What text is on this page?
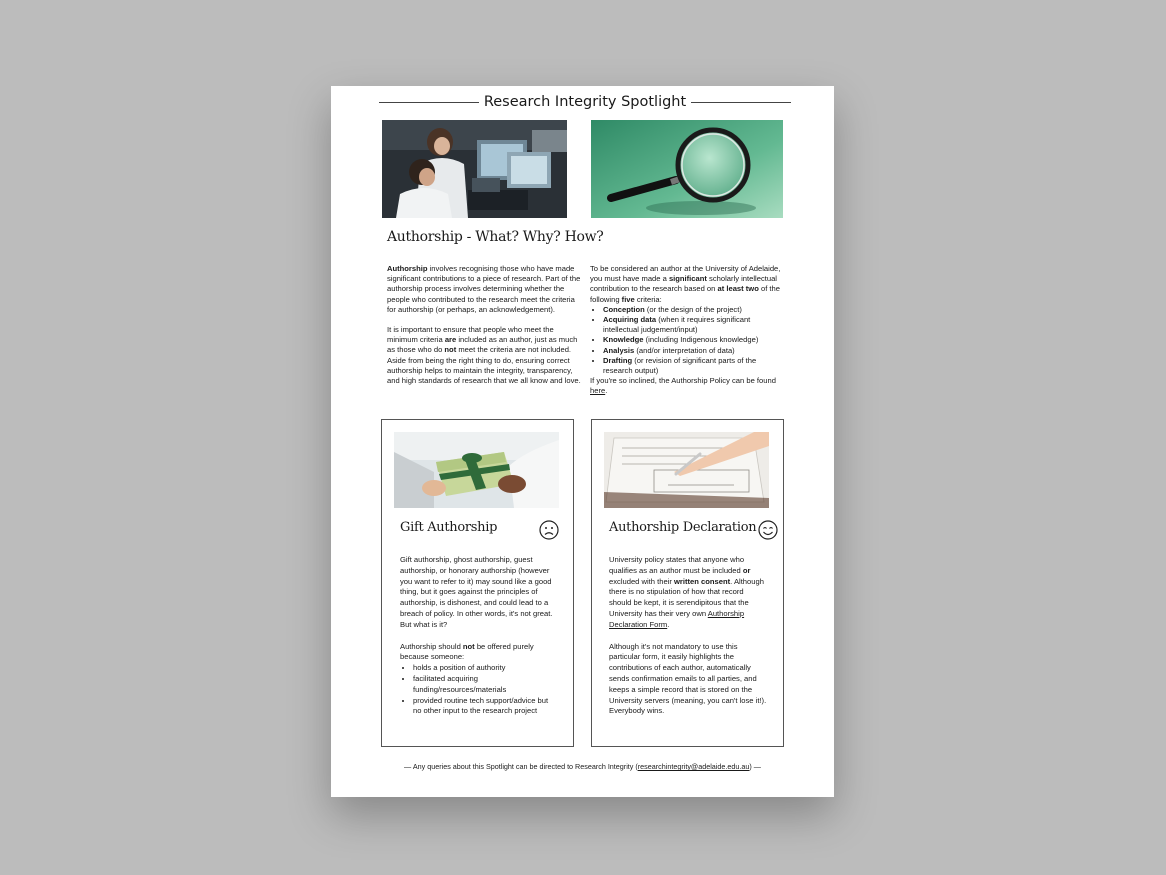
Research Integrity Spotlight
Authorship - What? Why? How?

Authorship involves recognising those who have made significant contributions to a piece of research. Part of the authorship process involves determining whether the people who contributed to the research meet the criteria for authorship (or perhaps, an acknowledgement).

It is important to ensure that people who meet the minimum criteria are included as an author, just as much as those who do not meet the criteria are not included. Aside from being the right thing to do, ensuring correct authorship helps to maintain the integrity, transparency, and high standards of research that we all know and love.

To be considered an author at the University of Adelaide, you must have made a significant scholarly intellectual contribution to the research based on at least two of the following five criteria:

• Conception (or the design of the project)
• Acquiring data (when it requires significant intellectual judgement/input)
• Knowledge (including Indigenous knowledge)
• Analysis (and/or interpretation of data)
• Drafting (or revision of significant parts of the research output)

If you're so inclined, the Authorship Policy can be found here.

Gift Authorship

Gift authorship, ghost authorship, guest authorship, or honorary authorship (however you want to refer to it) may sound like a good thing, but it goes against the principles of authorship, is dishonest, and could lead to a breach of policy. In other words, it's not great. But what is it?

Authorship should not be offered purely because someone:

• holds a position of authority
• facilitated acquiring funding/resources/materials
• provided routine tech support/advice but no other input to the research project
Authorship Declaration

University policy states that anyone who qualifies as an author must be included or excluded with their written consent. Although there is no stipulation of how that record should be kept, it is serendipitous that the University has their very own Authorship Declaration Form.

Although it's not mandatory to use this particular form, it easily highlights the contributions of each author, automatically sends confirmation emails to all parties, and keeps a simple record that is stored on the University servers (meaning, you can't lose it!). Everybody wins.

— Any queries about this Spotlight can be directed to Research Integrity (researchintegrity@adelaide.edu.au) —
